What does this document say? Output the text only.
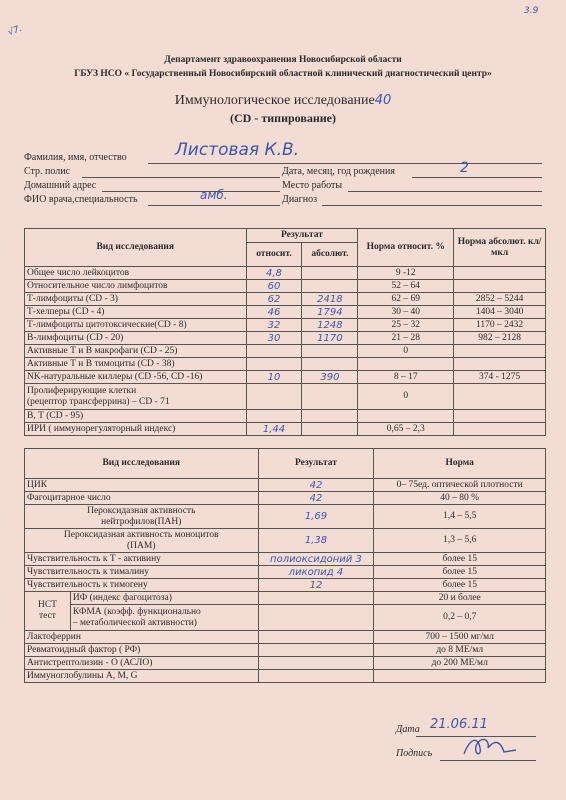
√7.
3.9
Департамент здравоохранения Новосибирской области
ГБУЗ НСО « Государственный Новосибирский областной клинический диагностический центр»
Иммунологическое исследование40
(CD - типирование)
Фамилия, имя, отчество	Листовая К.В.
Стр. полис	Дата, месяц, год рождения	2
Домашний адрес	Место работы
ФИО врача,специальность	амб.	Диагноз
Вид исследования	Результат		Норма относит. %	Норма абсолют. кл/мкл
	относит.	абсолют.		
Общее число лейкоцитов	4,8		9 -12	
Относительное число лимфоцитов	60		52 – 64	
Т-лимфоциты (CD - 3)	62	2418	62 – 69	2852 – 5244
Т-хелперы (CD - 4)	46	1794	30 – 40	1404 – 3040
Т-лимфоциты цитотоксические(CD - 8)	32	1248	25 – 32	1170 – 2432
В-лимфоциты (CD - 20)	30	1170	21 – 28	982 – 2128
Активные Т и В макрофаги (CD - 25)			0	
Активные Т и В тимоциты (CD - 38)				
NK-натуральные киллеры (CD -56, CD -16)	10	390	8 – 17	374 - 1275
Пролиферирующие клетки
(рецептор трансферрина) – CD - 71			0	
В, Т (CD - 95)				
ИРИ ( иммунорегуляторный индекс)	1,44		0,65 – 2,3	
Вид исследования		Результат	Норма
ЦИК		42	0– 75ед. оптической плотности
Фагоцитарное число		42	40 – 80 %
Пероксидазная активность
нейтрофилов(ПАН)		1,69	1,4 – 5,5
Пероксидазная активность моноцитов
(ПАМ)		1,38	1,3 – 5,6
Чувствительность к Т - активину		полиоксидоний 3	более 15
Чувствительность к тималину		ликопид 4	более 15
Чувствительность к тимогену		12	более 15
НСТ
тест	ИФ (индекс фагоцитоза)		20 и более
	КФМА (коэфф. функционально
– метаболической активности)		0,2 – 0,7
Лактоферрин			700 – 1500 мг/мл
Ревматоидный фактор ( РФ)			до 8 МЕ/мл
Антистрептолизин - О (АСЛО)			до 200 МЕ/мл
Иммуноглобулины А, М, G			
Дата 21.06.11
Подпись
